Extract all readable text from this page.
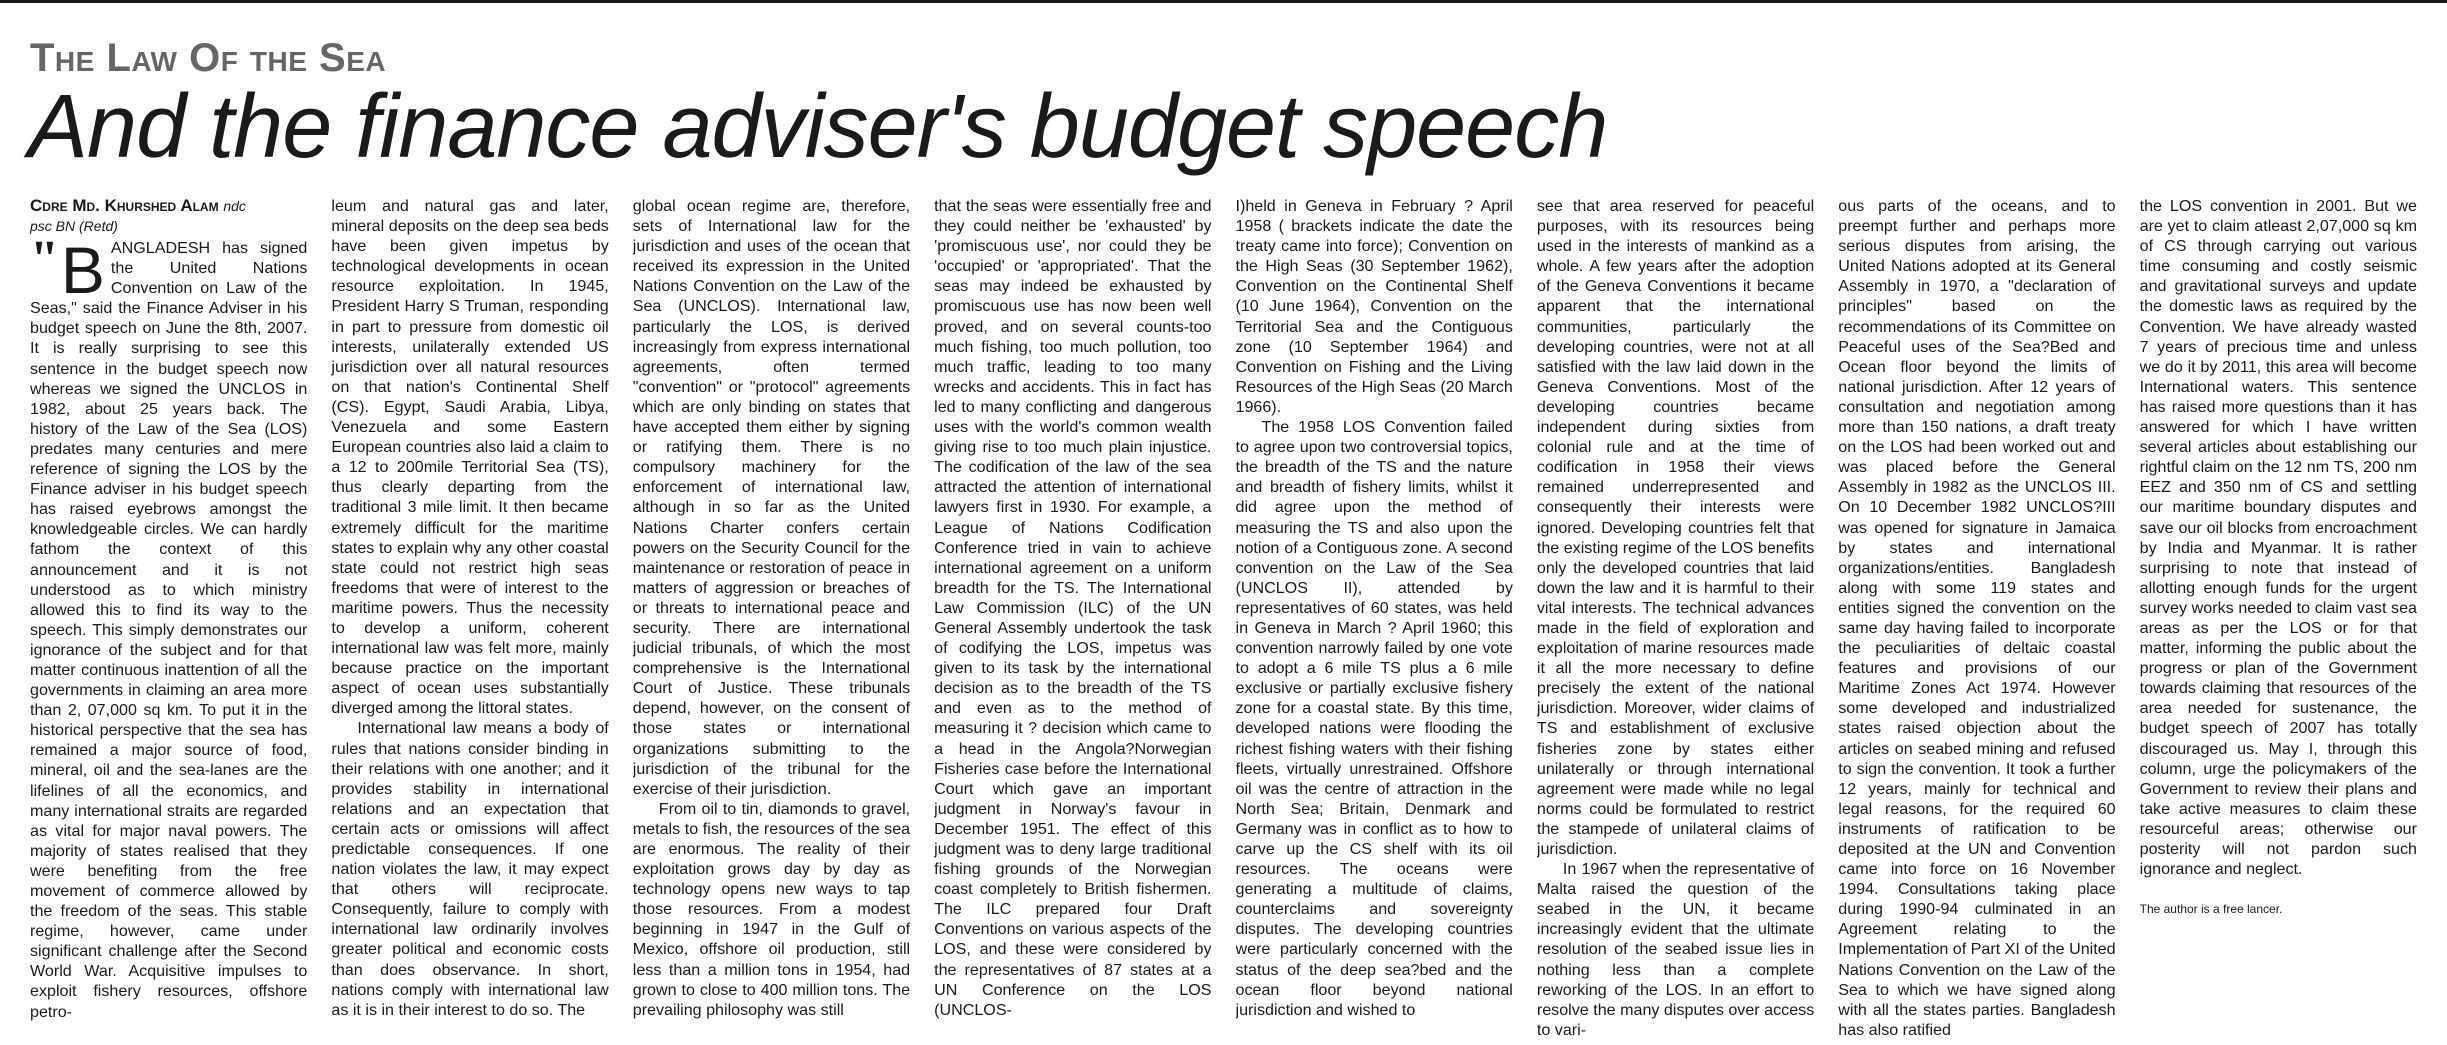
The Law Of the Sea
And the finance adviser's budget speech
Cdre Md. Khurshed Alam ndc
psc BN (Retd)
" B ANGLADESH has signed the United Nations Convention on Law of the Seas," said the Finance Adviser in his budget speech on June the 8th, 2007. It is really surprising to see this sentence in the budget speech now whereas we signed the UNCLOS in 1982, about 25 years back. The history of the Law of the Sea (LOS) predates many centuries and mere reference of signing the LOS by the Finance adviser in his budget speech has raised eyebrows amongst the knowledgeable circles. We can hardly fathom the context of this announcement and it is not understood as to which ministry allowed this to find its way to the speech. This simply demonstrates our ignorance of the subject and for that matter continuous inattention of all the governments in claiming an area more than 2, 07,000 sq km. To put it in the historical perspective that the sea has remained a major source of food, mineral, oil and the sea-lanes are the lifelines of all the economics, and many international straits are regarded as vital for major naval powers. The majority of states realised that they were benefiting from the free movement of commerce allowed by the freedom of the seas. This stable regime, however, came under significant challenge after the Second World War. Acquisitive impulses to exploit fishery resources, offshore petro-

leum and natural gas and later, mineral deposits on the deep sea beds have been given impetus by technological developments in ocean resource exploitation. In 1945, President Harry S Truman, responding in part to pressure from domestic oil interests, unilaterally extended US jurisdiction over all natural resources on that nation's Continental Shelf (CS). Egypt, Saudi Arabia, Libya, Venezuela and some Eastern European countries also laid a claim to a 12 to 200mile Territorial Sea (TS), thus clearly departing from the traditional 3 mile limit. It then became extremely difficult for the maritime states to explain why any other coastal state could not restrict high seas freedoms that were of interest to the maritime powers. Thus the necessity to develop a uniform, coherent international law was felt more, mainly because practice on the important aspect of ocean uses substantially diverged among the littoral states.

International law means a body of rules that nations consider binding in their relations with one another; and it provides stability in international relations and an expectation that certain acts or omissions will affect predictable consequences. If one nation violates the law, it may expect that others will reciprocate. Consequently, failure to comply with international law ordinarily involves greater political and economic costs than does observance. In short, nations comply with international law as it is in their interest to do so. The

global ocean regime are, therefore, sets of International law for the jurisdiction and uses of the ocean that received its expression in the United Nations Convention on the Law of the Sea (UNCLOS). International law, particularly the LOS, is derived increasingly from express international agreements, often termed "convention" or "protocol" agreements which are only binding on states that have accepted them either by signing or ratifying them. There is no compulsory machinery for the enforcement of international law, although in so far as the United Nations Charter confers certain powers on the Security Council for the maintenance or restoration of peace in matters of aggression or breaches of or threats to international peace and security. There are international judicial tribunals, of which the most comprehensive is the International Court of Justice. These tribunals depend, however, on the consent of those states or international organizations submitting to the jurisdiction of the tribunal for the exercise of their jurisdiction.

From oil to tin, diamonds to gravel, metals to fish, the resources of the sea are enormous. The reality of their exploitation grows day by day as technology opens new ways to tap those resources. From a modest beginning in 1947 in the Gulf of Mexico, offshore oil production, still less than a million tons in 1954, had grown to close to 400 million tons. The prevailing philosophy was still

that the seas were essentially free and they could neither be 'exhausted' by 'promiscuous use', nor could they be 'occupied' or 'appropriated'. That the seas may indeed be exhausted by promiscuous use has now been well proved, and on several counts-too much fishing, too much pollution, too much traffic, leading to too many wrecks and accidents. This in fact has led to many conflicting and dangerous uses with the world's common wealth giving rise to too much plain injustice. The codification of the law of the sea attracted the attention of international lawyers first in 1930. For example, a League of Nations Codification Conference tried in vain to achieve international agreement on a uniform breadth for the TS. The International Law Commission (ILC) of the UN General Assembly undertook the task of codifying the LOS, impetus was given to its task by the international decision as to the breadth of the TS and even as to the method of measuring it ? decision which came to a head in the Angola?Norwegian Fisheries case before the International Court which gave an important judgment in Norway's favour in December 1951. The effect of this judgment was to deny large traditional fishing grounds of the Norwegian coast completely to British fishermen. The ILC prepared four Draft Conventions on various aspects of the LOS, and these were considered by the representatives of 87 states at a UN Conference on the LOS (UNCLOS-

I)held in Geneva in February ? April 1958 ( brackets indicate the date the treaty came into force); Convention on the High Seas (30 September 1962), Convention on the Continental Shelf (10 June 1964), Convention on the Territorial Sea and the Contiguous zone (10 September 1964) and Convention on Fishing and the Living Resources of the High Seas (20 March 1966).

The 1958 LOS Convention failed to agree upon two controversial topics, the breadth of the TS and the nature and breadth of fishery limits, whilst it did agree upon the method of measuring the TS and also upon the notion of a Contiguous zone. A second convention on the Law of the Sea (UNCLOS II), attended by representatives of 60 states, was held in Geneva in March ? April 1960; this convention narrowly failed by one vote to adopt a 6 mile TS plus a 6 mile exclusive or partially exclusive fishery zone for a coastal state. By this time, developed nations were flooding the richest fishing waters with their fishing fleets, virtually unrestrained. Offshore oil was the centre of attraction in the North Sea; Britain, Denmark and Germany was in conflict as to how to carve up the CS shelf with its oil resources. The oceans were generating a multitude of claims, counterclaims and sovereignty disputes. The developing countries were particularly concerned with the status of the deep sea?bed and the ocean floor beyond national jurisdiction and wished to

see that area reserved for peaceful purposes, with its resources being used in the interests of mankind as a whole. A few years after the adoption of the Geneva Conventions it became apparent that the international communities, particularly the developing countries, were not at all satisfied with the law laid down in the Geneva Conventions. Most of the developing countries became independent during sixties from colonial rule and at the time of codification in 1958 their views remained underrepresented and consequently their interests were ignored. Developing countries felt that the existing regime of the LOS benefits only the developed countries that laid down the law and it is harmful to their vital interests. The technical advances made in the field of exploration and exploitation of marine resources made it all the more necessary to define precisely the extent of the national jurisdiction. Moreover, wider claims of TS and establishment of exclusive fisheries zone by states either unilaterally or through international agreement were made while no legal norms could be formulated to restrict the stampede of unilateral claims of jurisdiction.

In 1967 when the representative of Malta raised the question of the seabed in the UN, it became increasingly evident that the ultimate resolution of the seabed issue lies in nothing less than a complete reworking of the LOS. In an effort to resolve the many disputes over access to vari-

ous parts of the oceans, and to preempt further and perhaps more serious disputes from arising, the United Nations adopted at its General Assembly in 1970, a "declaration of principles" based on the recommendations of its Committee on Peaceful uses of the Sea?Bed and Ocean floor beyond the limits of national jurisdiction. After 12 years of consultation and negotiation among more than 150 nations, a draft treaty on the LOS had been worked out and was placed before the General Assembly in 1982 as the UNCLOS III. On 10 December 1982 UNCLOS?III was opened for signature in Jamaica by states and international organizations/entities. Bangladesh along with some 119 states and entities signed the convention on the same day having failed to incorporate the peculiarities of deltaic coastal features and provisions of our Maritime Zones Act 1974. However some developed and industrialized states raised objection about the articles on seabed mining and refused to sign the convention. It took a further 12 years, mainly for technical and legal reasons, for the required 60 instruments of ratification to be deposited at the UN and Convention came into force on 16 November 1994. Consultations taking place during 1990-94 culminated in an Agreement relating to the Implementation of Part XI of the United Nations Convention on the Law of the Sea to which we have signed along with all the states parties. Bangladesh has also ratified

the LOS convention in 2001. But we are yet to claim atleast 2,07,000 sq km of CS through carrying out various time consuming and costly seismic and gravitational surveys and update the domestic laws as required by the Convention. We have already wasted 7 years of precious time and unless we do it by 2011, this area will become International waters. This sentence has raised more questions than it has answered for which I have written several articles about establishing our rightful claim on the 12 nm TS, 200 nm EEZ and 350 nm of CS and settling our maritime boundary disputes and save our oil blocks from encroachment by India and Myanmar. It is rather surprising to note that instead of allotting enough funds for the urgent survey works needed to claim vast sea areas as per the LOS or for that matter, informing the public about the progress or plan of the Government towards claiming that resources of the area needed for sustenance, the budget speech of 2007 has totally discouraged us. May I, through this column, urge the policymakers of the Government to review their plans and take active measures to claim these resourceful areas; otherwise our posterity will not pardon such ignorance and neglect.

The author is a free lancer.
